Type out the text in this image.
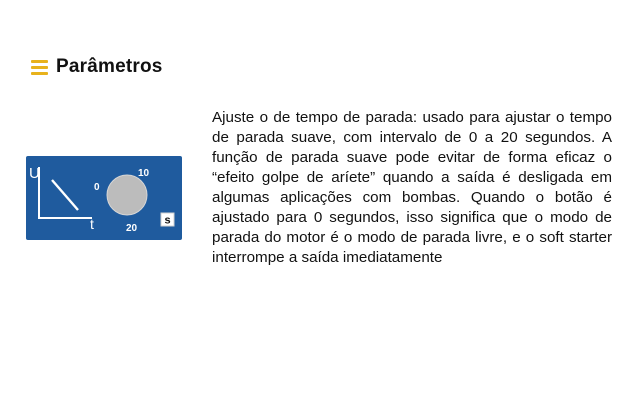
Parâmetros
U
t
0
10
20
s
Ajuste o de tempo de parada: usado para ajustar o tempo de parada suave, com intervalo de 0 a 20 segundos. A função de parada suave pode evitar de forma eficaz o “efeito golpe de aríete” quando a saída é desligada em algumas aplicações com bombas. Quando o botão é ajustado para 0 segundos, isso significa que o modo de parada do motor é o modo de parada livre, e o soft starter interrompe a saída imediatamente
